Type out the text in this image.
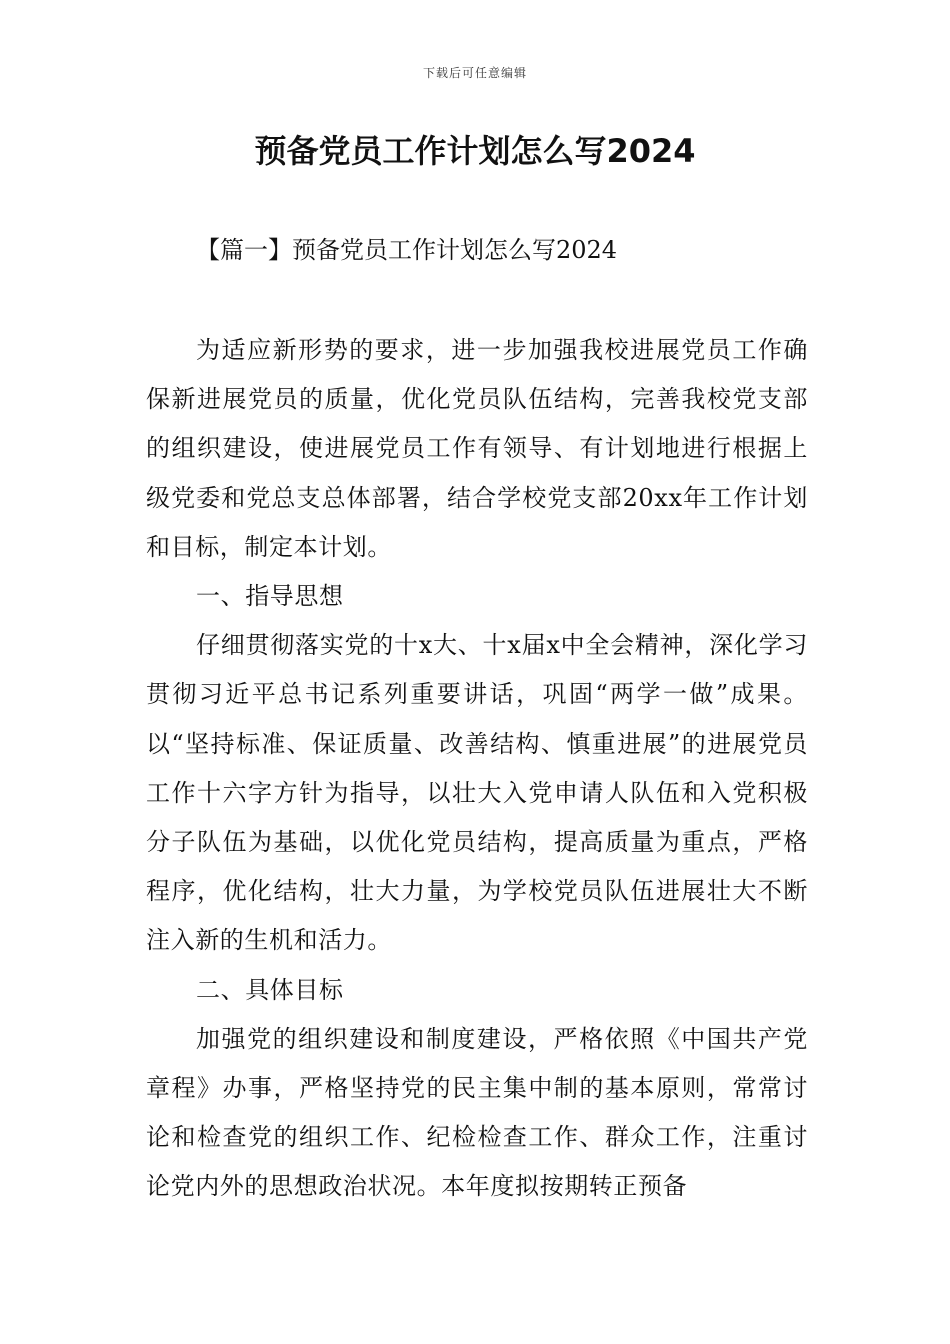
下载后可任意编辑
预备党员工作计划怎么写2024
【篇一】预备党员工作计划怎么写2024

为适应新形势的要求，进一步加强我校进展党员工作确保新进展党员的质量，优化党员队伍结构，完善我校党支部的组织建设，使进展党员工作有领导、有计划地进行根据上级党委和党总支总体部署，结合学校党支部20xx年工作计划和目标，制定本计划。

一、指导思想

仔细贯彻落实党的十x大、十x届x中全会精神，深化学习贯彻习近平总书记系列重要讲话，巩固“两学一做”成果。以“坚持标准、保证质量、改善结构、慎重进展”的进展党员工作十六字方针为指导，以壮大入党申请人队伍和入党积极分子队伍为基础，以优化党员结构，提高质量为重点，严格程序，优化结构，壮大力量，为学校党员队伍进展壮大不断注入新的生机和活力。

二、具体目标

加强党的组织建设和制度建设，严格依照《中国共产党章程》办事，严格坚持党的民主集中制的基本原则，常常讨论和检查党的组织工作、纪检检查工作、群众工作，注重讨论党内外的思想政治状况。本年度拟按期转正预备
